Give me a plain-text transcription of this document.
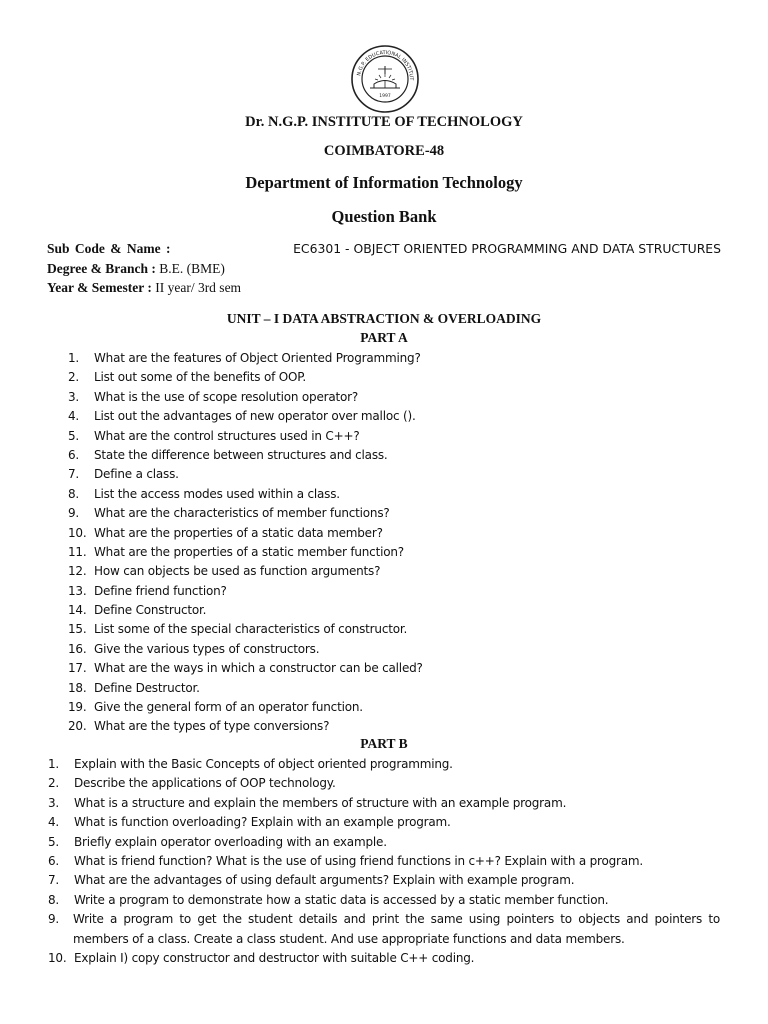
N.G.P. EDUCATIONAL INSTITUT
1997
Dr. N.G.P. INSTITUTE OF TECHNOLOGY
COIMBATORE-48
Department of Information Technology
Question Bank
Sub Code & Name :	EC6301 - OBJECT ORIENTED PROGRAMMING AND DATA STRUCTURES
Degree & Branch : B.E. (BME)
Year & Semester : II year/ 3rd sem
UNIT – I DATA ABSTRACTION & OVERLOADING
PART A
1.	What are the features of Object Oriented Programming?
2.	List out some of the benefits of OOP.
3.	What is the use of scope resolution operator?
4.	List out the advantages of new operator over malloc ().
5.	What are the control structures used in C++?
6.	State the difference between structures and class.
7.	Define a class.
8.	List the access modes used within a class.
9.	What are the characteristics of member functions?
10. What are the properties of a static data member?
11. What are the properties of a static member function?
12. How can objects be used as function arguments?
13. Define friend function?
14. Define Constructor.
15. List some of the special characteristics of constructor.
16. Give the various types of constructors.
17. What are the ways in which a constructor can be called?
18. Define Destructor.
19. Give the general form of an operator function.
20. What are the types of type conversions?
PART B
1.	Explain with the Basic Concepts of object oriented programming.
2.	Describe the applications of OOP technology.
3.	What is a structure and explain the members of structure with an example program.
4.	What is function overloading? Explain with an example program.
5.	Briefly explain operator overloading with an example.
6.	What is friend function? What is the use of using friend functions in c++? Explain with a program.
7.	What are the advantages of using default arguments? Explain with example program.
8.	Write a program to demonstrate how a static data is accessed by a static member function.
9.	Write a program to get the student details and print the same using pointers to objects and pointers to members of a class. Create a class student. And use appropriate functions and data members.
10. Explain I) copy constructor and destructor with suitable C++ coding.
